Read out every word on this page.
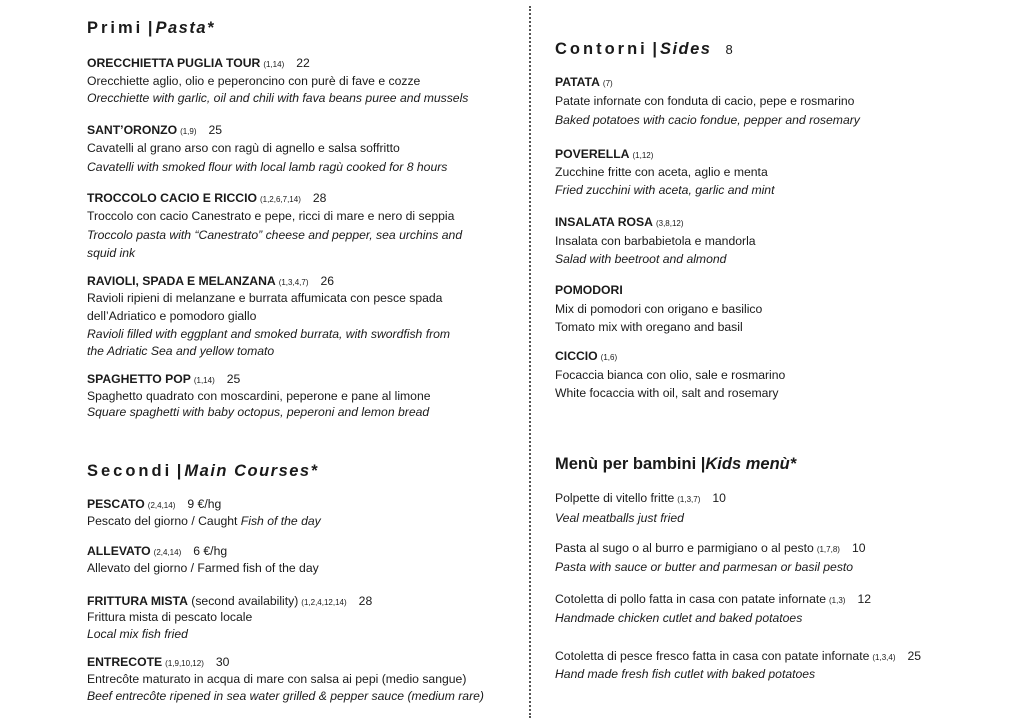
Primi |Pasta*
Secondi |Main Courses*
Contorni |Sides 8
Menù per bambini |Kids menù*
ORECCHIETTA PUGLIA TOUR (1,14) 22
Orecchiette aglio, olio e peperoncino con purè di fave e cozze
Orecchiette with garlic, oil and chili with fava beans puree and mussels
SANT’ORONZO (1,9) 25
Cavatelli al grano arso con ragù di agnello e salsa soffritto
Cavatelli with smoked flour with local lamb ragù cooked for 8 hours
TROCCOLO CACIO E RICCIO (1,2,6,7,14) 28
Troccolo con cacio Canestrato e pepe, ricci di mare e nero di seppia
Troccolo pasta with “Canestrato” cheese and pepper, sea urchins and
squid ink
RAVIOLI, SPADA E MELANZANA (1,3,4,7) 26
Ravioli ripieni di melanzane e burrata affumicata con pesce spada
dell’Adriatico e pomodoro giallo
Ravioli filled with eggplant and smoked burrata, with swordfish from
the Adriatic Sea and yellow tomato
SPAGHETTO POP (1,14) 25
Spaghetto quadrato con moscardini, peperone e pane al limone
Square spaghetti with baby octopus, peperoni and lemon bread
PESCATO (2,4,14) 9 €/hg
Pescato del giorno / Caught Fish of the day
ALLEVATO (2,4,14) 6 €/hg
Allevato del giorno / Farmed fish of the day
FRITTURA MISTA (second availability) (1,2,4,12,14) 28
Frittura mista di pescato locale
Local mix fish fried
ENTRECOTE (1,9,10,12) 30
Entrecôte maturato in acqua di mare con salsa ai pepi (medio sangue)
Beef entrecôte ripened in sea water grilled & pepper sauce (medium rare)
PATATA (7)
Patate infornate con fonduta di cacio, pepe e rosmarino
Baked potatoes with cacio fondue, pepper and rosemary
POVERELLA (1,12)
Zucchine fritte con aceta, aglio e menta
Fried zucchini with aceta, garlic and mint
INSALATA ROSA (3,8,12)
Insalata con barbabietola e mandorla
Salad with beetroot and almond
POMODORI
Mix di pomodori con origano e basilico
Tomato mix with oregano and basil
CICCIO (1,6)
Focaccia bianca con olio, sale e rosmarino
White focaccia with oil, salt and rosemary
Polpette di vitello fritte (1,3,7) 10
Veal meatballs just fried
Pasta al sugo o al burro e parmigiano o al pesto (1,7,8) 10
Pasta with sauce or butter and parmesan or basil pesto
Cotoletta di pollo fatta in casa con patate infornate (1,3) 12
Handmade chicken cutlet and baked potatoes
Cotoletta di pesce fresco fatta in casa con patate infornate (1,3,4) 25
Hand made fresh fish cutlet with baked potatoes
